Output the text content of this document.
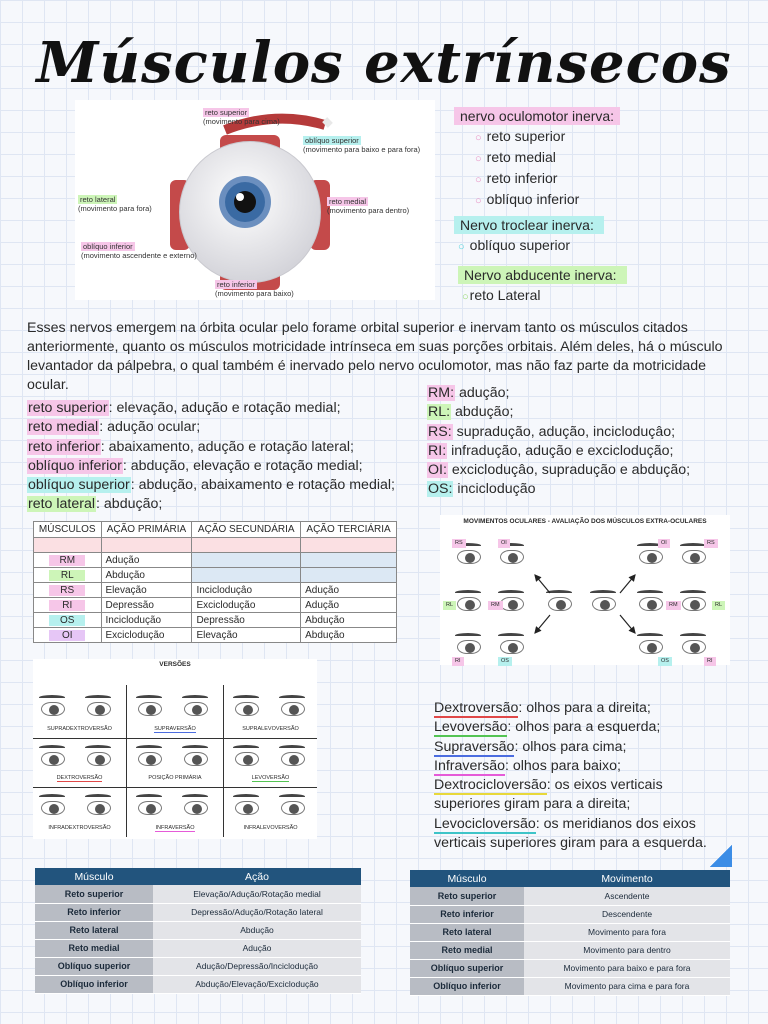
Músculos extrínsecos
reto superior
(movimento para cima)
oblíquo superior
(movimento para baixo e para fora)
reto lateral
(movimento para fora)
reto medial
(movimento para dentro)
oblíquo inferior
(movimento ascendente e externo)
reto inferior
(movimento para baixo)
nervo oculomotor inerva:
○ reto superior
○ reto medial
○ reto inferior
○ oblíquo inferior
Nervo troclear inerva:
○ oblíquo superior
Nervo abducente inerva:
○reto Lateral
Esses nervos emergem na órbita ocular pelo forame orbital superior e inervam tanto os músculos citados anteriormente, quanto os músculos motricidade intrínseca em suas porções orbitais. Além deles, há o músculo levantador da pálpebra, o qual também é inervado pelo nervo oculomotor, mas não faz parte da motricidade ocular.
reto superior: elevação, adução e rotação medial;
reto medial: adução ocular;
reto inferior: abaixamento, adução e rotação lateral;
oblíquo inferior: abdução, elevação e rotação medial;
oblíquo superior: abdução, abaixamento e rotação medial;
reto lateral: abdução;
RM: adução;
RL: abdução;
RS: supradução, adução, incicloduçâo;
RI: infradução, adução e exciclodução;
OI: excicloduçâo, supradução e abdução;
OS: inciclodução
MÚSCULOS	AÇÃO PRIMÁRIA	AÇÃO SECUNDÁRIA	AÇÃO TERCIÁRIA

RM	Adução		
RL	Abdução		
RS	Elevação	Incicloduçâo	Adução
RI	Depressão	Exciclodução	Adução
OS	Inciclodução	Depressão	Abdução
OI	Exciclodução	Elevação	Abdução
MOVIMENTOS OCULARES - AVALIAÇÃO DOS MÚSCULOS EXTRA-OCULARES
RS	OI	OI	RS
RL	RM	RM	RL
RI	OS	OS	RI
VERSÕES
SUPRADEXTROVERSÃO	SUPRAVERSÃO	SUPRALEVOVERSÃO
DEXTROVERSÃO	POSIÇÃO PRIMÁRIA	LEVOVERSÃO
INFRADEXTROVERSÃO	INFRAVERSÃO	INFRALEVOVERSÃO
Dextroversão: olhos para a direita;
Levoversão: olhos para a esquerda;
Supraversão: olhos para cima;
Infraversão: olhos para baixo;
Dextrocicloversão: os eixos verticais
superiores giram para a direita;
Levocicloversão: os meridianos dos eixos
verticais superiores giram para a esquerda.
Músculo	Ação
Reto superior	Elevação/Adução/Rotação medial
Reto inferior	Depressão/Adução/Rotação lateral
Reto lateral	Abdução
Reto medial	Adução
Oblíquo superior	Adução/Depressão/Inciclodução
Oblíquo inferior	Abdução/Elevação/Exciclodução
Músculo	Movimento
Reto superior	Ascendente
Reto inferior	Descendente
Reto lateral	Movimento para fora
Reto medial	Movimento para dentro
Oblíquo superior	Movimento para baixo e para fora
Oblíquo inferior	Movimento para cima e para fora
